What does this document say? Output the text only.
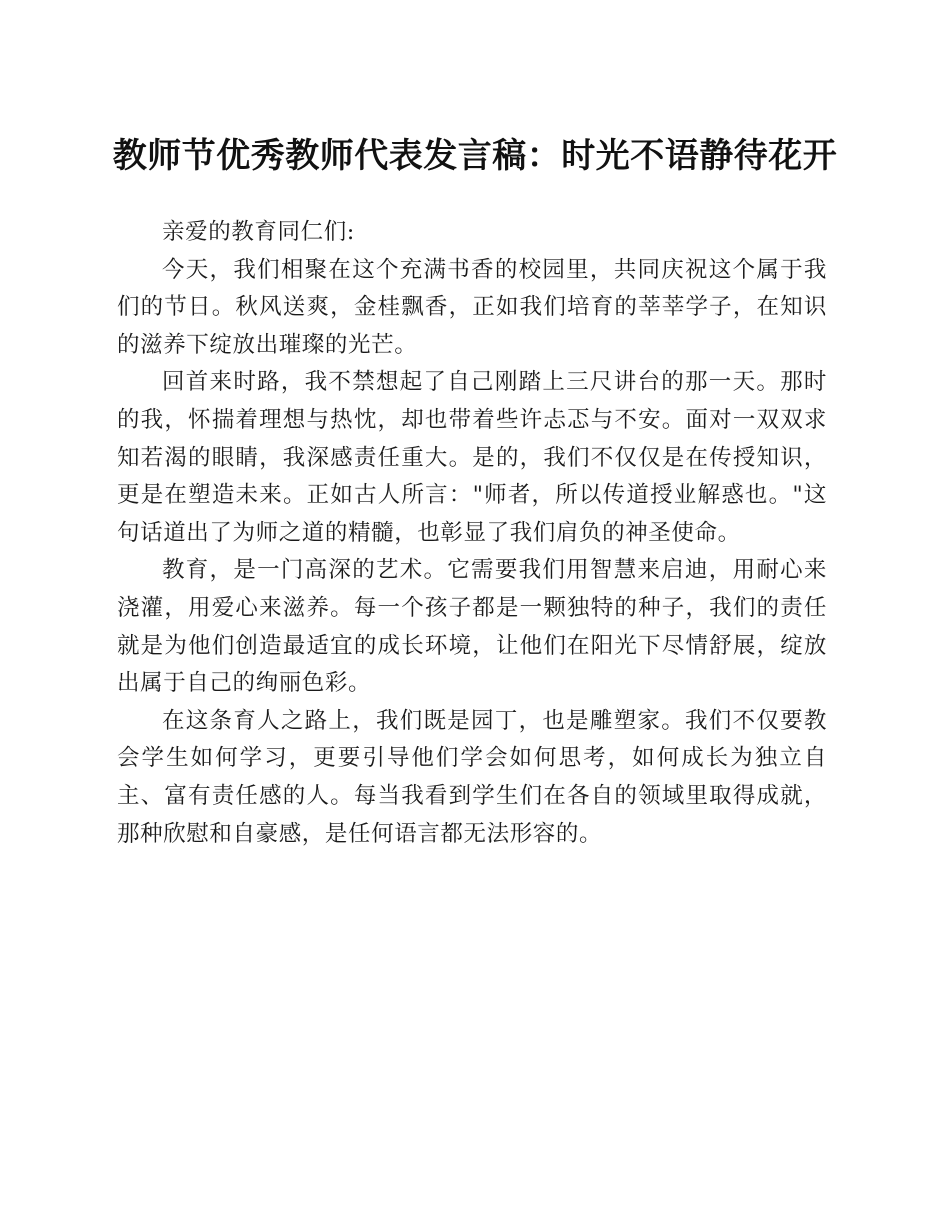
教师节优秀教师代表发言稿：时光不语静待花开

亲爱的教育同仁们:

今天，我们相聚在这个充满书香的校园里，共同庆祝这个属于我们的节日。秋风送爽，金桂飘香，正如我们培育的莘莘学子，在知识的滋养下绽放出璀璨的光芒。

回首来时路，我不禁想起了自己刚踏上三尺讲台的那一天。那时的我，怀揣着理想与热忱，却也带着些许忐忑与不安。面对一双双求知若渴的眼睛，我深感责任重大。是的，我们不仅仅是在传授知识，更是在塑造未来。正如古人所言："师者，所以传道授业解惑也。"这句话道出了为师之道的精髓，也彰显了我们肩负的神圣使命。

教育，是一门高深的艺术。它需要我们用智慧来启迪，用耐心来浇灌，用爱心来滋养。每一个孩子都是一颗独特的种子，我们的责任就是为他们创造最适宜的成长环境，让他们在阳光下尽情舒展，绽放出属于自己的绚丽色彩。

在这条育人之路上，我们既是园丁，也是雕塑家。我们不仅要教会学生如何学习，更要引导他们学会如何思考，如何成长为独立自主、富有责任感的人。每当我看到学生们在各自的领域里取得成就，那种欣慰和自豪感，是任何语言都无法形容的。
